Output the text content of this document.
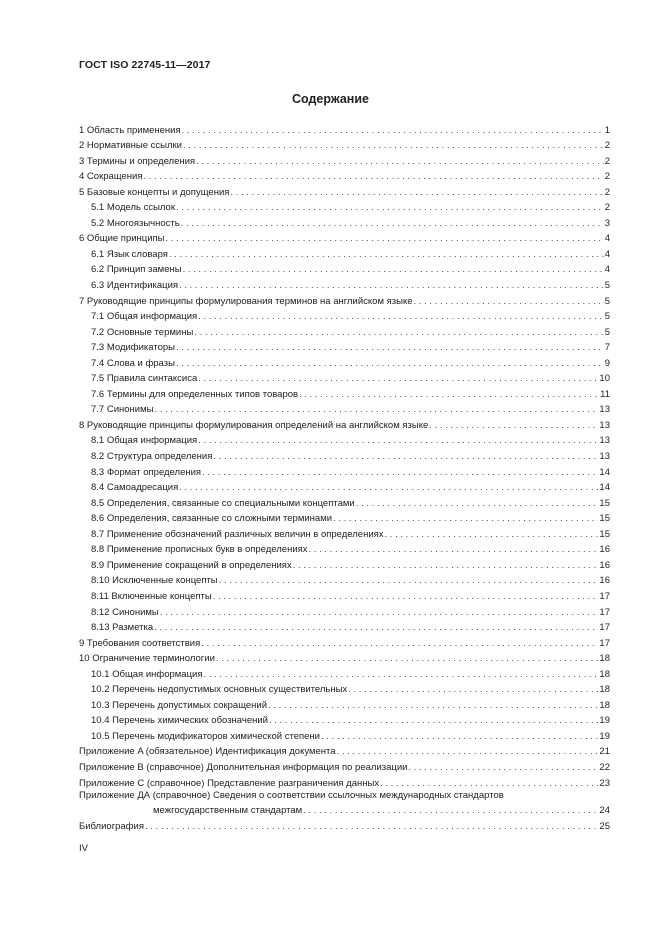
ГОСТ ISO 22745-11—2017
Содержание
1 Область применения . . .	1
2 Нормативные ссылки . . .	2
3 Термины и определения . . .	2
4 Сокращения . . .	2
5 Базовые концепты и допущения . . .	2
5.1 Модель ссылок . . .	2
5.2 Многоязычность . . .	3
6 Общие принципы . . .	4
6.1 Язык словаря . . .	4
6.2 Принцип замены . . .	4
6.3 Идентификация . . .	5
7 Руководящие принципы формулирования терминов на английском языке . . .	5
7.1 Общая информация . . .	5
7.2 Основные термины . . .	5
7.3 Модификаторы . . .	7
7.4 Слова и фразы . . .	9
7.5 Правила синтаксиса . . .	10
7.6 Термины для определенных типов товаров . . .	11
7.7 Синонимы . . .	13
8 Руководящие принципы формулирования определений на английском языке . . .	13
8.1 Общая информация . . .	13
8.2 Структура определения . . .	13
8.3 Формат определения . . .	14
8.4 Самоадресация . . .	14
8.5 Определения, связанные со специальными концептами . . .	15
8.6 Определения, связанные со сложными терминами . . .	15
8.7 Применение обозначений различных величин в определениях . . .	15
8.8 Применение прописных букв в определениях . . .	16
8.9 Применение сокращений в определениях . . .	16
8.10 Исключенные концепты . . .	16
8.11 Включенные концепты . . .	17
8.12 Синонимы . . .	17
8.13 Разметка . . .	17
9 Требования соответствия . . .	17
10 Ограничение терминологии . . .	18
10.1 Общая информация . . .	18
10.2 Перечень недопустимых основных существительных . . .	18
10.3 Перечень допустимых сокращений . . .	18
10.4 Перечень химических обозначений . . .	19
10.5 Перечень модификаторов химической степени . . .	19
Приложение A (обязательное) Идентификация документа . . .	21
Приложение B (справочное) Дополнительная информация по реализации . . .	22
Приложение C (справочное) Представление разграничения данных . . .	23
Приложение ДА (справочное) Сведения о соответствии ссылочных международных стандартов
межгосударственным стандартам . . .	24
Библиография . . .	25
IV
